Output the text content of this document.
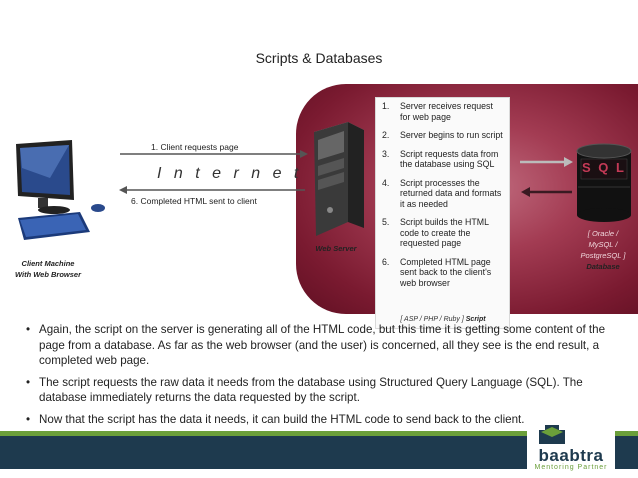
Scripts & Databases
Client Machine
With Web Browser
1. Client requests page
I n t e r n e t
6. Completed HTML sent to client
Web Server
1.	Server receives request for web page
2.	Server begins to run script
3.	Script requests data from the database using SQL
4.	Script processes the returned data and formats it as needed
5.	Script builds the HTML code to create the requested page
6.	Completed HTML page sent back to the client's web browser
[ ASP / PHP / Ruby ] Script
S Q L
[ Oracle /
MySQL /
PostgreSQL ]
Database
• Again, the script on the server is generating all of the HTML code, but this time it is getting some content of the page from a database. As far as the web browser (and the user) is concerned, all they see is the end result, a completed web page.
• The script requests the raw data it needs from the database using Structured Query Language (SQL). The database immediately returns the data requested by the script.
• Now that the script has the data it needs, it can build the HTML code to send back to the client.
baabtra
Mentoring Partner
